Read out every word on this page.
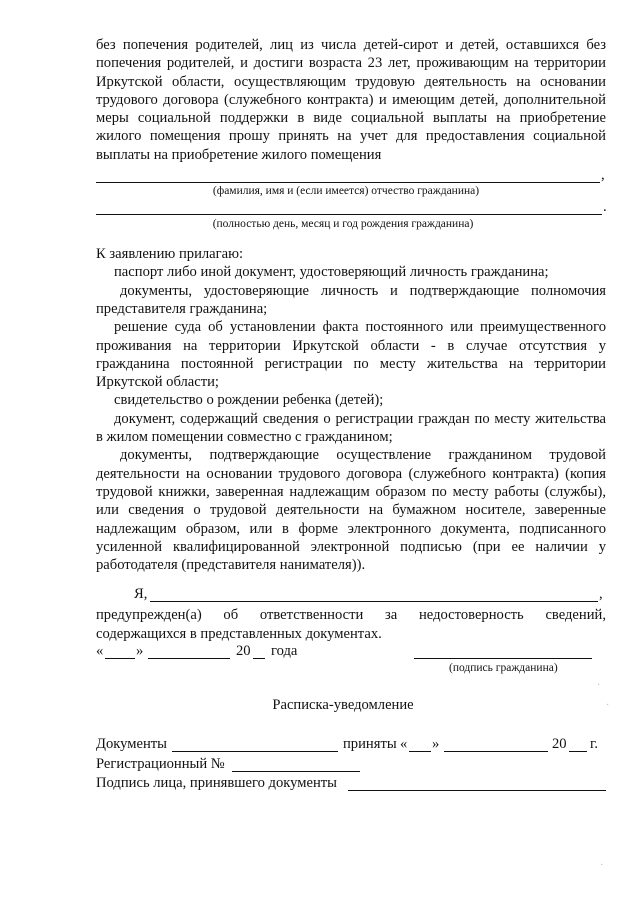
без попечения родителей, лиц из числа детей-сирот и детей, оставшихся без попечения родителей, и достиги возраста 23 лет, проживающим на территории Иркутской области, осуществляющим трудовую деятельность на основании трудового договора (служебного контракта) и имеющим детей, дополнительной меры социальной поддержки в виде социальной выплаты на приобретение жилого помещения прошу принять на учет для предоставления социальной выплаты на приобретение жилого помещения

,
(фамилия, имя и (если имеется) отчество гражданина)
.
(полностью день, месяц и год рождения гражданина)

К заявлению прилагаю:

паспорт либо иной документ, удостоверяющий личность гражданина;

документы, удостоверяющие личность и подтверждающие полномочия представителя гражданина;

решение суда об установлении факта постоянного или преимущественного проживания на территории Иркутской области - в случае отсутствия у гражданина постоянной регистрации по месту жительства на территории Иркутской области;

свидетельство о рождении ребенка (детей);

документ, содержащий сведения о регистрации граждан по месту жительства в жилом помещении совместно с гражданином;

документы, подтверждающие осуществление гражданином трудовой деятельности на основании трудового договора (служебного контракта) (копия трудовой книжки, заверенная надлежащим образом по месту работы (службы), или сведения о трудовой деятельности на бумажном носителе, заверенные надлежащим образом, или в форме электронного документа, подписанного усиленной квалифицированной электронной подписью (при ее наличии у работодателя (представителя нанимателя)).

Я,	,

предупрежден(а) об ответственности за недостоверность сведений, содержащихся в представленных документах.

« »	20 года
(подпись гражданина)
Расписка-уведомление
Документы	приняты « »	20 г.
Регистрационный №
Подпись лица, принявшего документы
·
·
·
